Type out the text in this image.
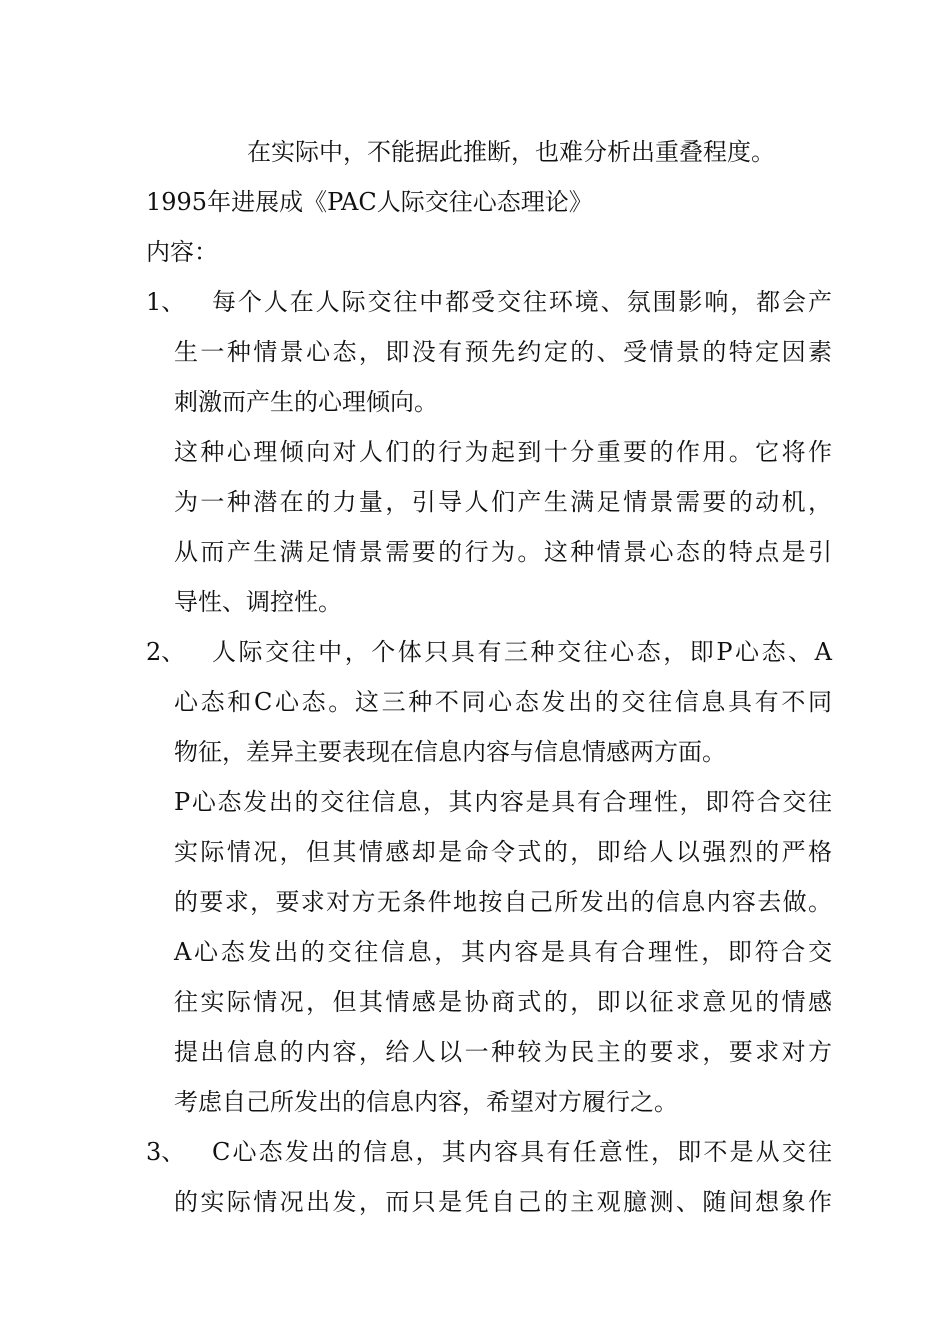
在实际中，不能据此推断，也难分析出重叠程度。
1995年进展成《PAC人际交往心态理论》
内容：
1、 每个人在人际交往中都受交往环境、氛围影响，都会产
生一种情景心态，即没有预先约定的、受情景的特定因素
刺激而产生的心理倾向。
这种心理倾向对人们的行为起到十分重要的作用。它将作
为一种潜在的力量，引导人们产生满足情景需要的动机，
从而产生满足情景需要的行为。这种情景心态的特点是引
导性、调控性。
2、 人际交往中，个体只具有三种交往心态，即P心态、A
心态和C心态。这三种不同心态发出的交往信息具有不同
物征，差异主要表现在信息内容与信息情感两方面。
P心态发出的交往信息，其内容是具有合理性，即符合交往
实际情况，但其情感却是命令式的，即给人以强烈的严格
的要求，要求对方无条件地按自己所发出的信息内容去做。
A心态发出的交往信息，其内容是具有合理性，即符合交
往实际情况，但其情感是协商式的，即以征求意见的情感
提出信息的内容，给人以一种较为民主的要求，要求对方
考虑自己所发出的信息内容，希望对方履行之。
3、 C心态发出的信息，其内容具有任意性，即不是从交往
的实际情况出发，而只是凭自己的主观臆测、随间想象作
